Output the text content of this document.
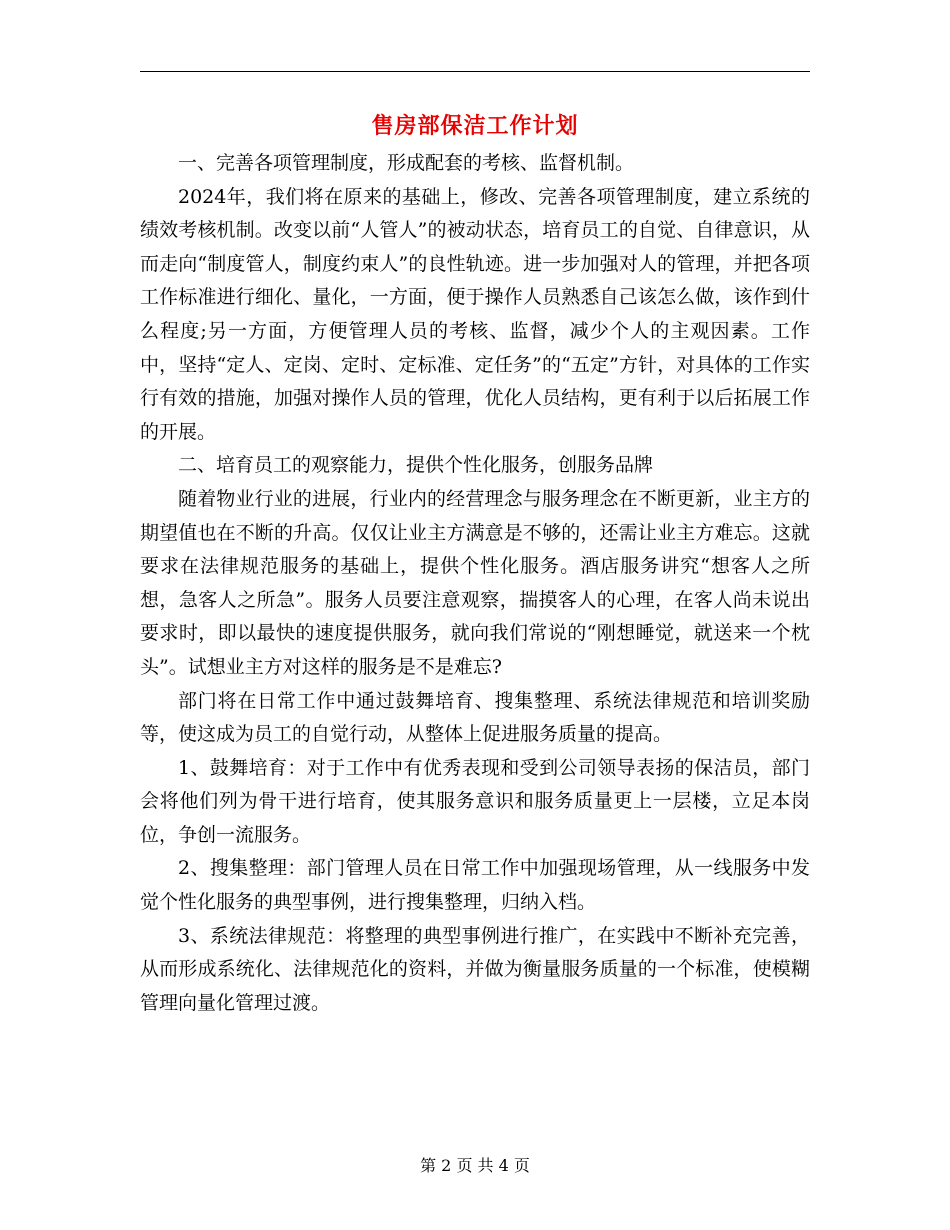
售房部保洁工作计划

一、完善各项管理制度，形成配套的考核、监督机制。

2024年，我们将在原来的基础上，修改、完善各项管理制度，建立系统的绩效考核机制。改变以前“人管人”的被动状态，培育员工的自觉、自律意识，从而走向“制度管人，制度约束人”的良性轨迹。进一步加强对人的管理，并把各项工作标准进行细化、量化，一方面，便于操作人员熟悉自己该怎么做，该作到什么程度;另一方面，方便管理人员的考核、监督，减少个人的主观因素。工作中，坚持“定人、定岗、定时、定标准、定任务”的“五定”方针，对具体的工作实行有效的措施，加强对操作人员的管理，优化人员结构，更有利于以后拓展工作的开展。

二、培育员工的观察能力，提供个性化服务，创服务品牌

随着物业行业的进展，行业内的经营理念与服务理念在不断更新，业主方的期望值也在不断的升高。仅仅让业主方满意是不够的，还需让业主方难忘。这就要求在法律规范服务的基础上，提供个性化服务。酒店服务讲究“想客人之所想，急客人之所急”。服务人员要注意观察，揣摸客人的心理，在客人尚未说出要求时，即以最快的速度提供服务，就向我们常说的“刚想睡觉，就送来一个枕头”。试想业主方对这样的服务是不是难忘?

部门将在日常工作中通过鼓舞培育、搜集整理、系统法律规范和培训奖励等，使这成为员工的自觉行动，从整体上促进服务质量的提高。

1、鼓舞培育：对于工作中有优秀表现和受到公司领导表扬的保洁员，部门会将他们列为骨干进行培育，使其服务意识和服务质量更上一层楼，立足本岗位，争创一流服务。

2、搜集整理：部门管理人员在日常工作中加强现场管理，从一线服务中发觉个性化服务的典型事例，进行搜集整理，归纳入档。

3、系统法律规范：将整理的典型事例进行推广，在实践中不断补充完善，从而形成系统化、法律规范化的资料，并做为衡量服务质量的一个标准，使模糊管理向量化管理过渡。

第 2 页 共 4 页
